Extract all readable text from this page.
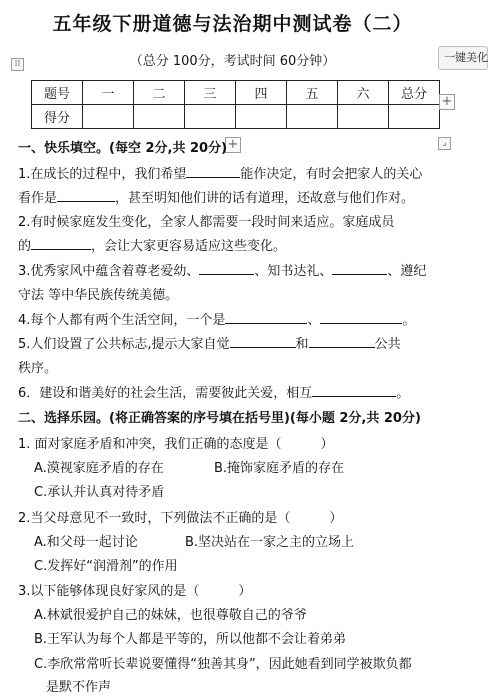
五年级下册道德与法治期中测试卷（二）
⁞⁞	（总分 100分，考试时间 60分钟）	一键美化
题号	一	二	三	四	五	六	总分
得分							
+
+	⌟
一、快乐填空。(每空 2分,共 20分)
1.在成长的过程中，我们希望	能作决定，有时会把家人的关心
看作是	，甚至明知他们讲的话有道理，还故意与他们作对。
2.有时候家庭发生变化，全家人都需要一段时间来适应。家庭成员
的	，会让大家更容易适应这些变化。
3.优秀家风中蕴含着尊老爱幼、	、知书达礼、	、遵纪
守法 等中华民族传统美德。
4.每个人都有两个生活空间，一个是	、	。
5.人们设置了公共标志,提示大家自觉	和	公共
秩序。
6．建设和谐美好的社会生活，需要彼此关爱，相互	。
二、选择乐园。(将正确答案的序号填在括号里)(每小题 2分,共 20分)
1. 面对家庭矛盾和冲突，我们正确的态度是（　　　）
A.漠视家庭矛盾的存在	B.掩饰家庭矛盾的存在
C.承认并认真对待矛盾
2.当父母意见不一致时，下列做法不正确的是（　　　）
A.和父母一起讨论	B.坚决站在一家之主的立场上
C.发挥好“润滑剂”的作用
3.以下能够体现良好家风的是（　　　）
A.林斌很爱护自己的妹妹，也很尊敬自己的爷爷
B.王军认为每个人都是平等的，所以他都不会让着弟弟
C.李欣常常听长辈说要懂得“独善其身”，因此她看到同学被欺负都
是默不作声
